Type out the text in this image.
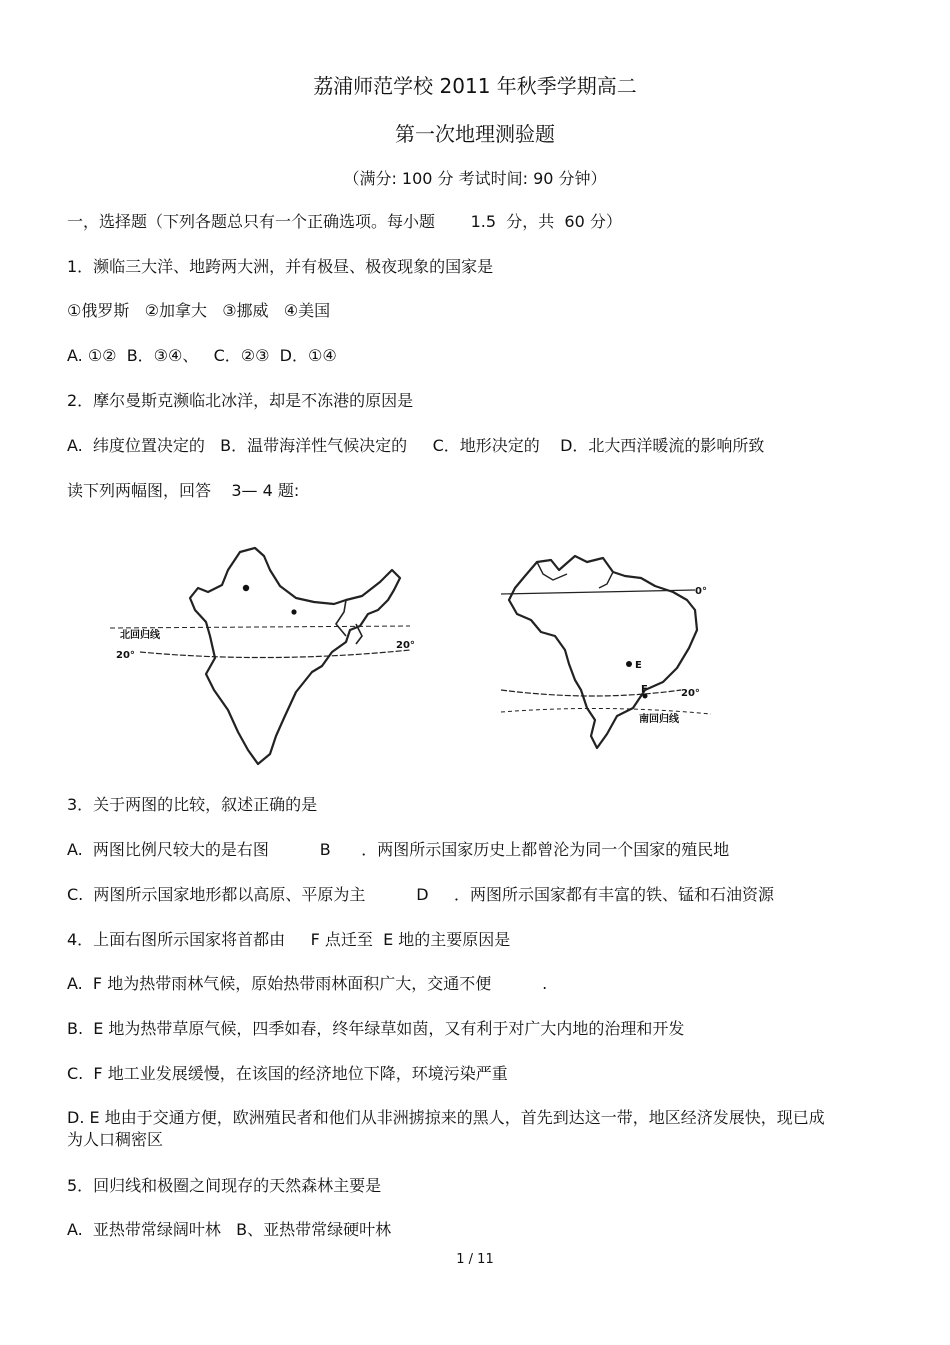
荔浦师范学校 2011 年秋季学期高二
第一次地理测验题
（满分: 100 分 考试时间: 90 分钟）
一，选择题（下列各题总只有一个正确选项。每小题       1.5  分，共  60 分）
1．濒临三大洋、地跨两大洲，并有极昼、极夜现象的国家是
①俄罗斯   ②加拿大   ③挪威   ④美国
A. ①②  B．③④、   C．②③  D．①④
2．摩尔曼斯克濒临北冰洋，却是不冻港的原因是
A.  纬度位置决定的   B．温带海洋性气候决定的     C．地形决定的    D．北大西洋暖流的影响所致
读下列两幅图，回答    3— 4 题:
北回归线
20°
20°
0°
E
F	20°
南回归线
3．关于两图的比较，叙述正确的是
A.  两图比例尺较大的是右图          B      ．两图所示国家历史上都曾沦为同一个国家的殖民地
C.  两图所示国家地形都以高原、平原为主          D     ．两图所示国家都有丰富的铁、锰和石油资源
4．上面右图所示国家将首都由     F 点迁至  E 地的主要原因是
A.  F 地为热带雨林气候，原始热带雨林面积广大，交通不便          .
B.  E 地为热带草原气候，四季如春，终年绿草如茵，又有利于对广大内地的治理和开发
C.  F 地工业发展缓慢，在该国的经济地位下降，环境污染严重
D. E 地由于交通方便，欧洲殖民者和他们从非洲掳掠来的黑人，首先到达这一带，地区经济发展快，现已成为人口稠密区
5．回归线和极圈之间现存的天然森林主要是
A.  亚热带常绿阔叶林   B、亚热带常绿硬叶林
1 / 11
